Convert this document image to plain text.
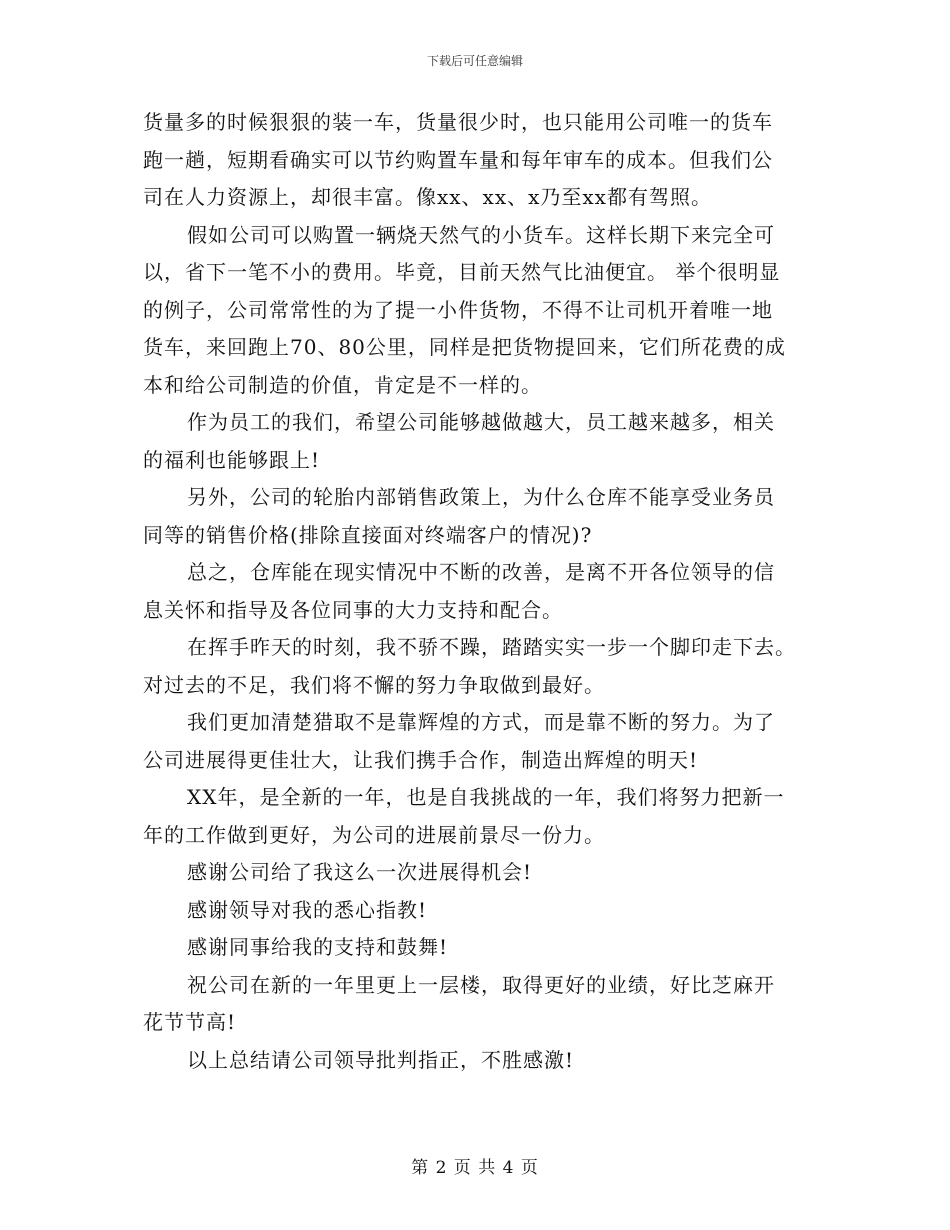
下载后可任意编辑
货量多的时候狠狠的装一车，货量很少时，也只能用公司唯一的货车
跑一趟，短期看确实可以节约购置车量和每年审车的成本。但我们公
司在人力资源上，却很丰富。像xx、xx、x乃至xx都有驾照。
假如公司可以购置一辆烧天然气的小货车。这样长期下来完全可
以，省下一笔不小的费用。毕竟，目前天然气比油便宜。 举个很明显
的例子，公司常常性的为了提一小件货物，不得不让司机开着唯一地
货车，来回跑上70、80公里，同样是把货物提回来，它们所花费的成
本和给公司制造的价值，肯定是不一样的。
作为员工的我们，希望公司能够越做越大，员工越来越多，相关
的福利也能够跟上!
另外，公司的轮胎内部销售政策上，为什么仓库不能享受业务员
同等的销售价格(排除直接面对终端客户的情况)?
总之，仓库能在现实情况中不断的改善，是离不开各位领导的信
息关怀和指导及各位同事的大力支持和配合。
在挥手昨天的时刻，我不骄不躁，踏踏实实一步一个脚印走下去。
对过去的不足，我们将不懈的努力争取做到最好。
我们更加清楚猎取不是靠辉煌的方式，而是靠不断的努力。为了
公司进展得更佳壮大，让我们携手合作，制造出辉煌的明天!
XX年，是全新的一年，也是自我挑战的一年，我们将努力把新一
年的工作做到更好，为公司的进展前景尽一份力。
感谢公司给了我这么一次进展得机会!
感谢领导对我的悉心指教!
感谢同事给我的支持和鼓舞!
祝公司在新的一年里更上一层楼，取得更好的业绩，好比芝麻开
花节节高!
以上总结请公司领导批判指正，不胜感激!
第 2 页 共 4 页
